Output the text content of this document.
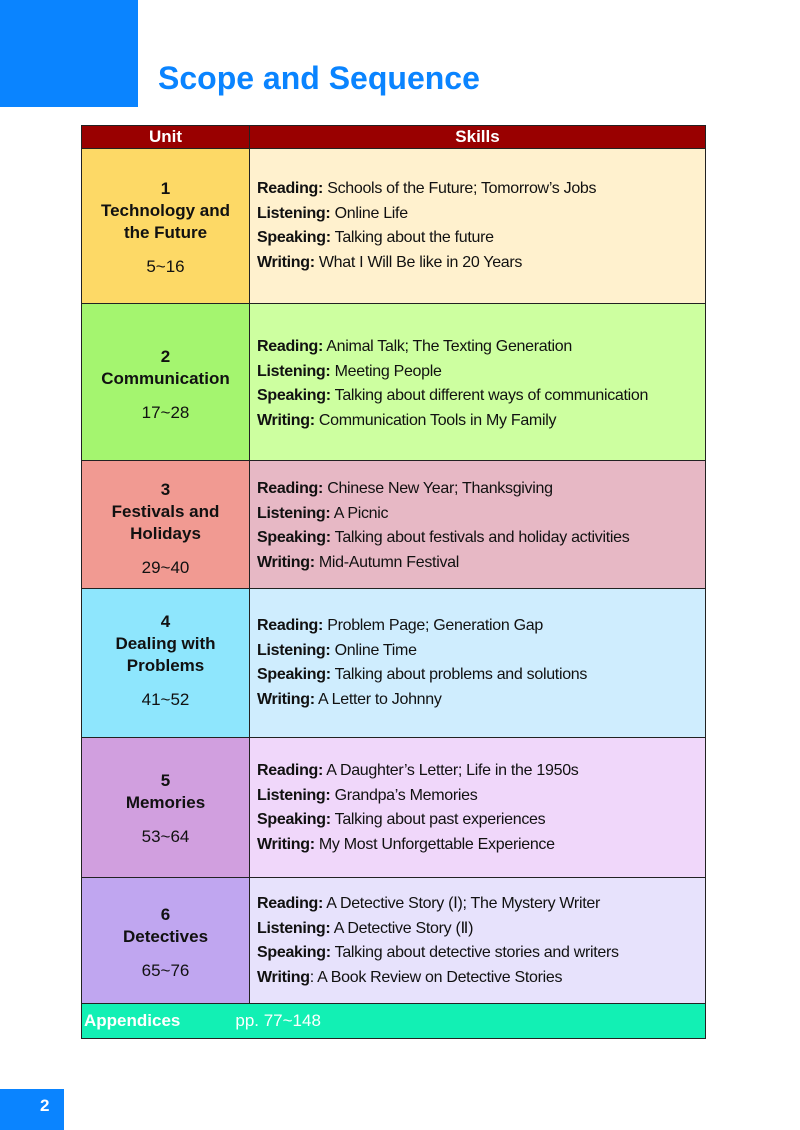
Scope and Sequence
Unit	Skills

1
Technology and
the Future
5~16	Reading: Schools of the Future; Tomorrow’s Jobs
Listening: Online Life
Speaking: Talking about the future
Writing: What I Will Be like in 20 Years

2
Communication
17~28	Reading: Animal Talk; The Texting Generation
Listening: Meeting People
Speaking: Talking about different ways of communication
Writing: Communication Tools in My Family

3
Festivals and
Holidays
29~40	Reading: Chinese New Year; Thanksgiving
Listening: A Picnic
Speaking: Talking about festivals and holiday activities
Writing: Mid-Autumn Festival

4
Dealing with
Problems
41~52	Reading: Problem Page; Generation Gap
Listening: Online Time
Speaking: Talking about problems and solutions
Writing: A Letter to Johnny

5
Memories
53~64	Reading: A Daughter’s Letter; Life in the 1950s
Listening: Grandpa’s Memories
Speaking: Talking about past experiences
Writing: My Most Unforgettable Experience

6
Detectives
65~76	Reading: A Detective Story (Ⅰ); The Mystery Writer
Listening: A Detective Story (Ⅱ)
Speaking: Talking about detective stories and writers
Writing: A Book Review on Detective Stories

Appendices pp. 77~148	
2
